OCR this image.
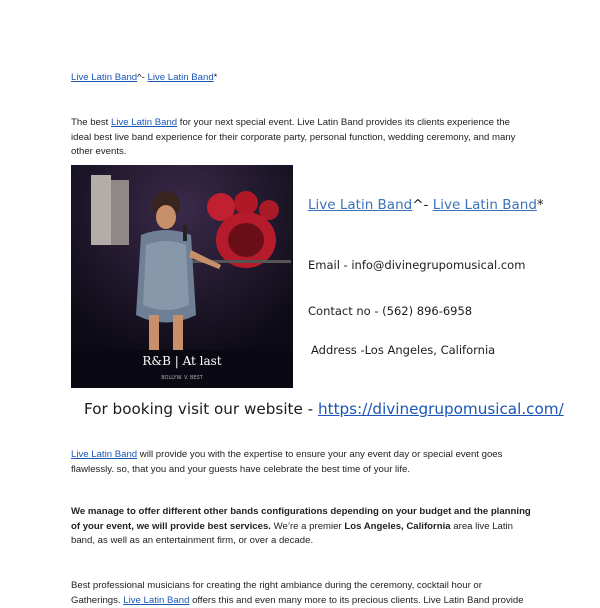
Live Latin Band^- Live Latin Band*
The best Live Latin Band for your next special event. Live Latin Band provides its clients experience the ideal best live band experience for their corporate party, personal function, wedding ceremony, and many other events.
R&B | At last
BOLLYW. V. BEST
Live Latin Band^- Live Latin Band*
Email - info@divinegrupomusical.com
Contact no - (562) 896-6958
Address -Los Angeles, California
For booking visit our website - https://divinegrupomusical.com/
Live Latin Band will provide you with the expertise to ensure your any event day or special event goes flawlessly. so, that you and your guests have celebrate the best time of your life.
We manage to offer different other bands configurations depending on your budget and the planning of your event, we will provide best services. We’re a premier Los Angeles, California area live Latin band, as well as an entertainment firm, or over a decade.
Best professional musicians for creating the right ambiance during the ceremony, cocktail hour or Gatherings. Live Latin Band offers this and even many more to its precious clients. Live Latin Band provide
